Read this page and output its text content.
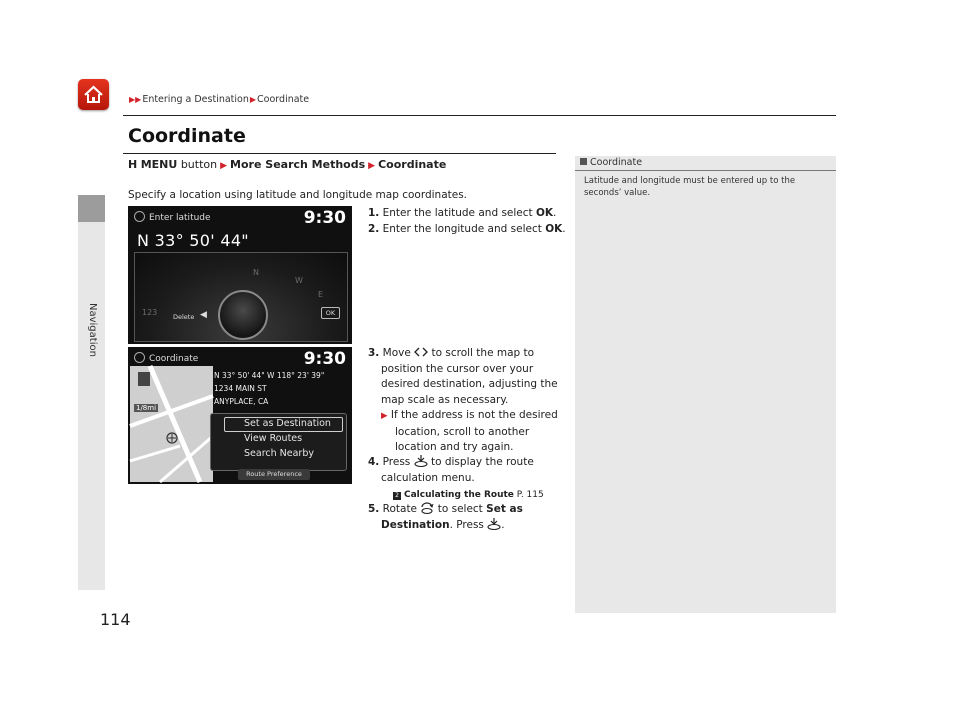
Navigation
▶▶Entering a Destination▶Coordinate
Coordinate
H MENU button ▶ More Search Methods ▶ Coordinate
Specify a location using latitude and longitude map coordinates.
Enter latitude	9:30
N 33° 50' 44"
N
E
W
123 Delete ◀	OK
Coordinate	9:30
1/8mi
4.9mi
N 33° 50' 44" W 118° 23' 39"
1234 MAIN ST
ANYPLACE, CA
Set as Destination
View Routes
Search Nearby
Route Preference
1. Enter the latitude and select OK.
2. Enter the longitude and select OK.
3. Move to scroll the map to
position the cursor over your
desired destination, adjusting the
map scale as necessary.
▶ If the address is not the desired
location, scroll to another
location and try again.
4. Press to display the route
calculation menu.
2 Calculating the Route P. 115
5. Rotate to select Set as
Destination. Press .
Coordinate
Latitude and longitude must be entered up to the seconds’ value.
114
